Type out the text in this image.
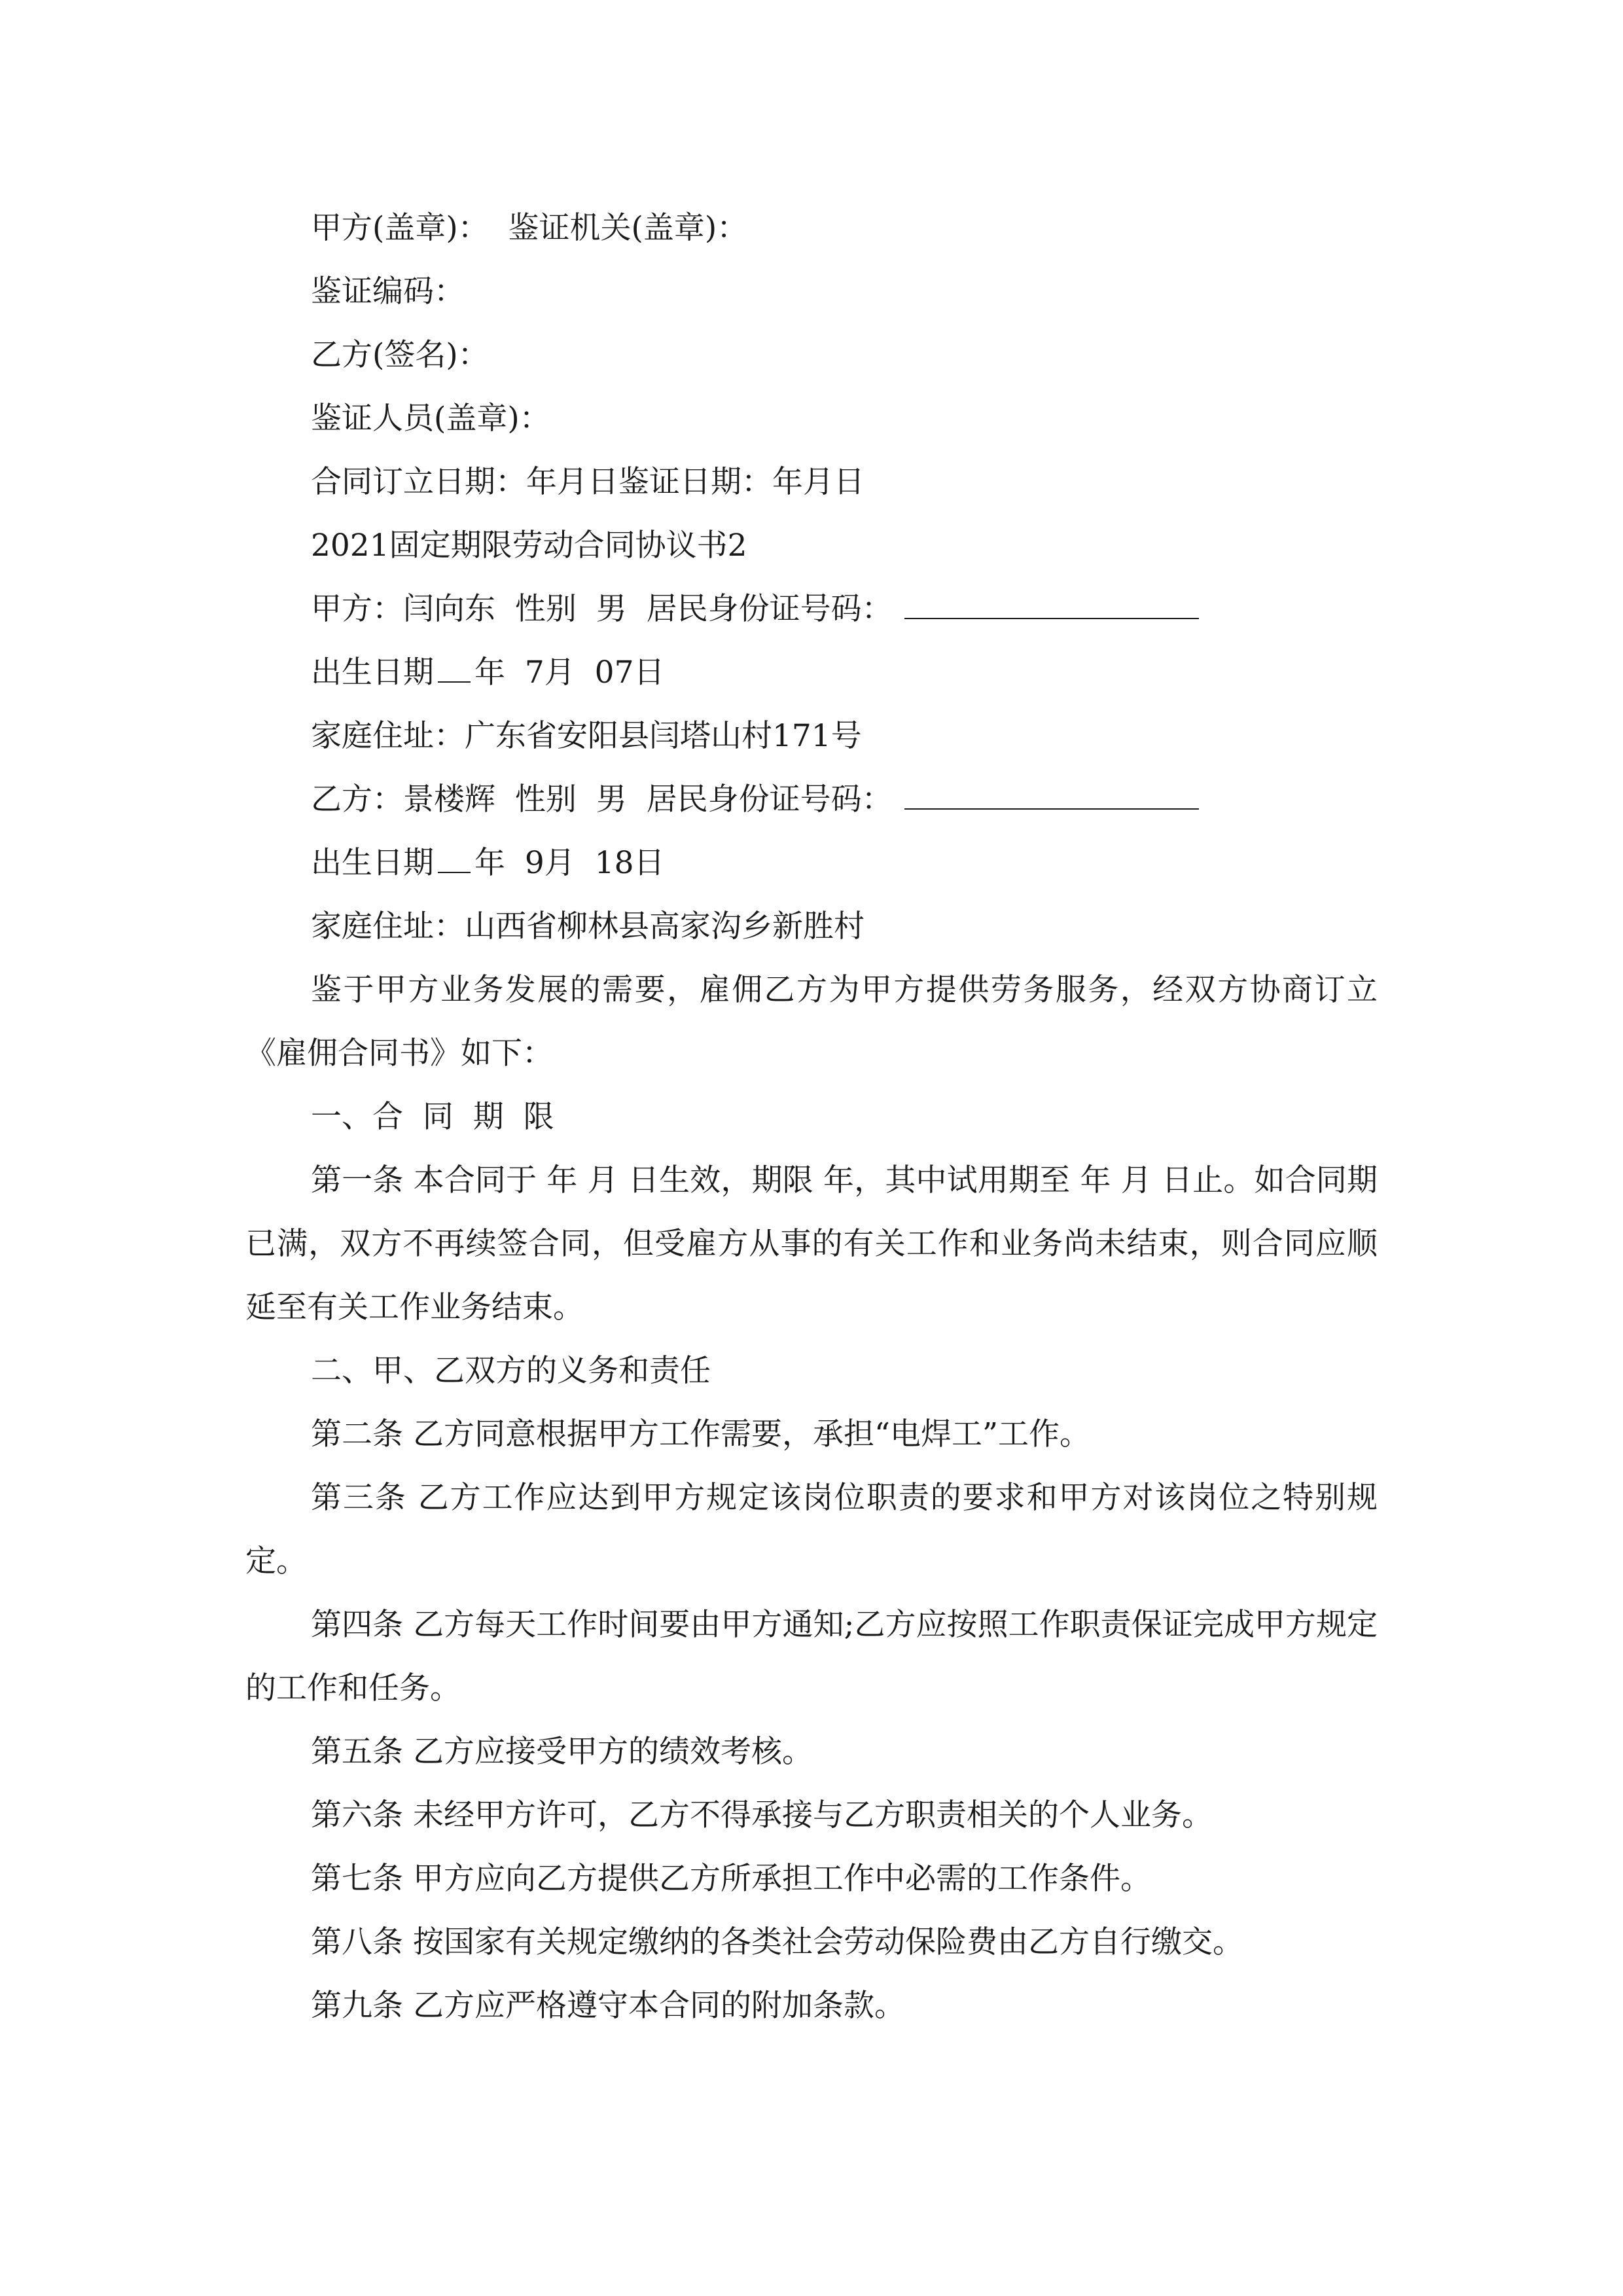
甲方(盖章)：  鉴证机关(盖章)：
鉴证编码：
乙方(签名)：
鉴证人员(盖章)：
合同订立日期：年月日鉴证日期：年月日
2021固定期限劳动合同协议书2
甲方：闫向东  性别  男  居民身份证号码：
出生日期 年  7月  07日
家庭住址：广东省安阳县闫塔山村171号
乙方：景楼辉  性别  男  居民身份证号码：
出生日期 年  9月  18日
家庭住址：山西省柳林县高家沟乡新胜村
鉴于甲方业务发展的需要，雇佣乙方为甲方提供劳务服务，经双方协商订立《雇佣合同书》如下：
一、合  同  期  限
第一条 本合同于 年 月 日生效，期限 年，其中试用期至 年 月 日止。如合同期已满，双方不再续签合同，但受雇方从事的有关工作和业务尚未结束，则合同应顺延至有关工作业务结束。
二、甲、乙双方的义务和责任
第二条 乙方同意根据甲方工作需要，承担“电焊工”工作。
第三条 乙方工作应达到甲方规定该岗位职责的要求和甲方对该岗位之特别规定。
第四条 乙方每天工作时间要由甲方通知;乙方应按照工作职责保证完成甲方规定的工作和任务。
第五条 乙方应接受甲方的绩效考核。
第六条 未经甲方许可，乙方不得承接与乙方职责相关的个人业务。
第七条 甲方应向乙方提供乙方所承担工作中必需的工作条件。
第八条 按国家有关规定缴纳的各类社会劳动保险费由乙方自行缴交。
第九条 乙方应严格遵守本合同的附加条款。
